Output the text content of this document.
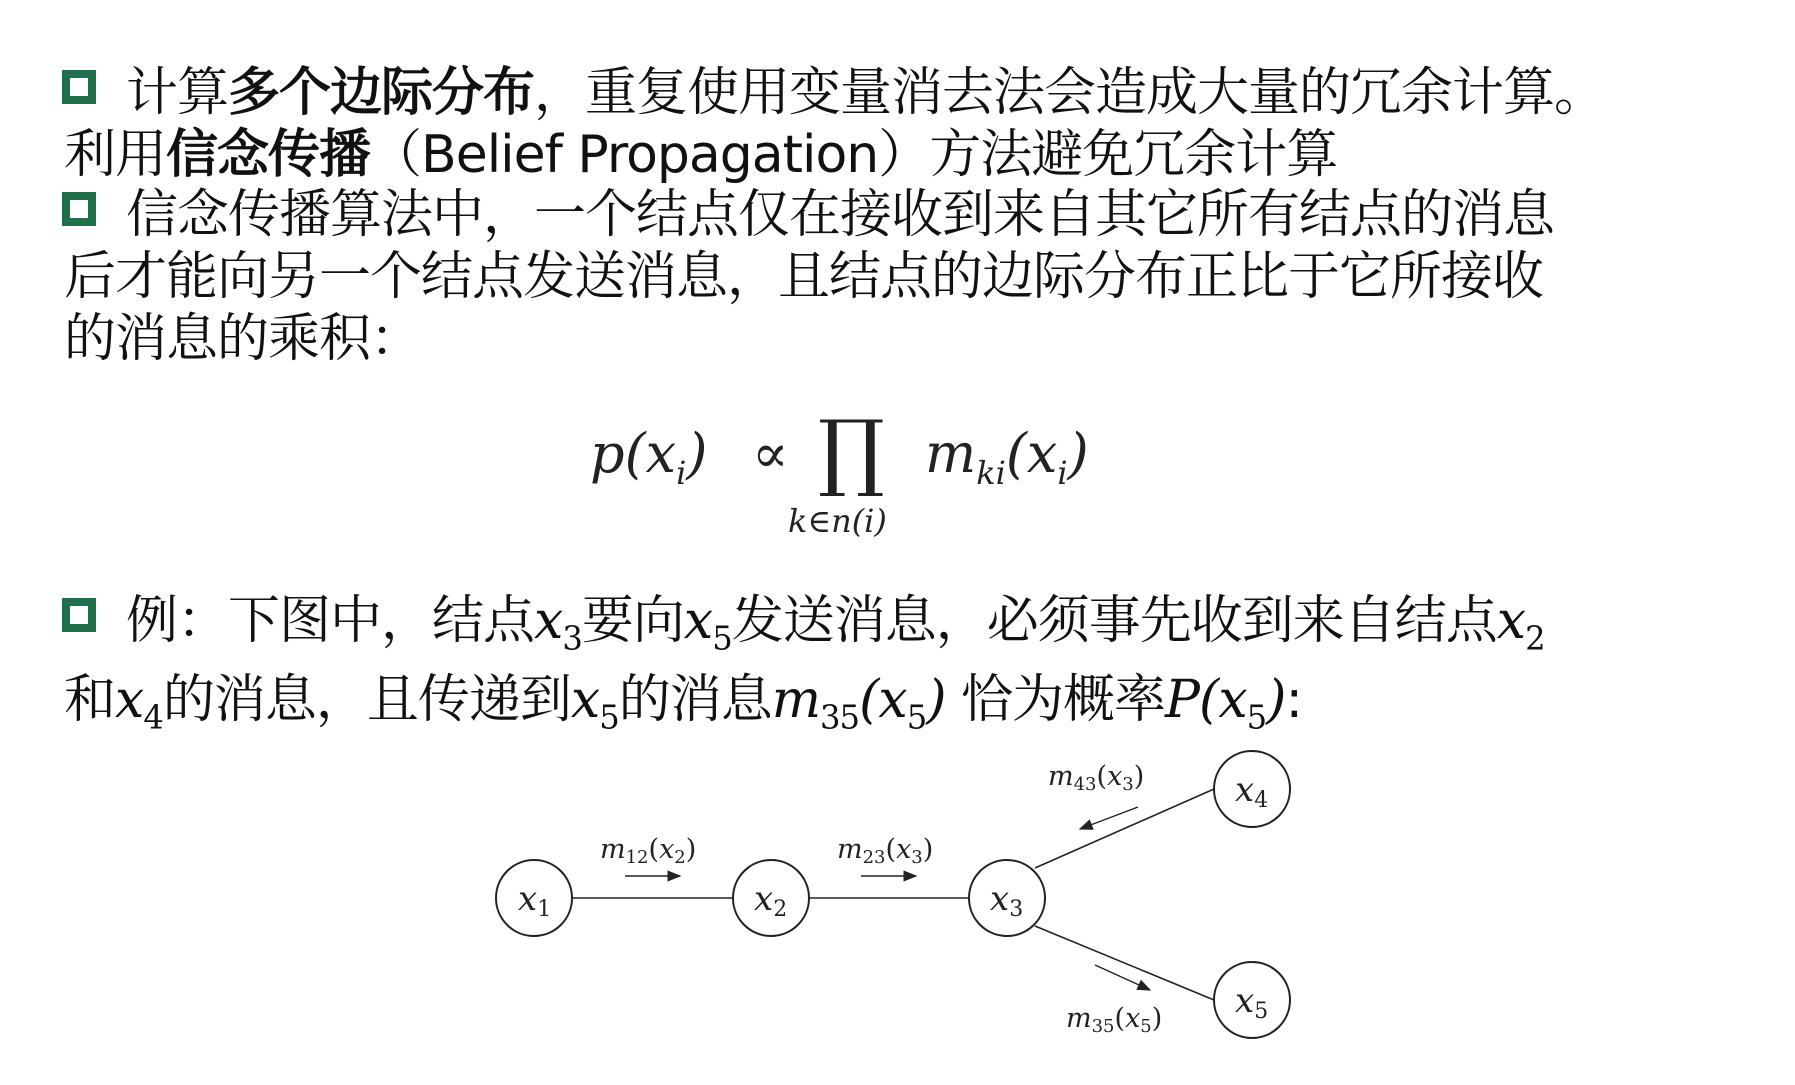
计算多个边际分布，重复使用变量消去法会造成大量的冗余计算。
利用信念传播（Belief Propagation）方法避免冗余计算
信念传播算法中，一个结点仅在接收到来自其它所有结点的消息
后才能向另一个结点发送消息，且结点的边际分布正比于它所接收
的消息的乘积：
$p(x_i)$ ∝ ∏
k∈n(i)
$m_{ki}(x_i)$
例：下图中，结点$x_3$要向$x_5$发送消息，必须事先收到来自结点$x_2$
和$x_4$的消息，且传递到$x_5$的消息$m_{35}(x_5)$ 恰为概率$P(x_5)$:
x1	x2	x3
x4
x5
m12(x2)	m23(x3)
m43(x3)
m35(x5)
